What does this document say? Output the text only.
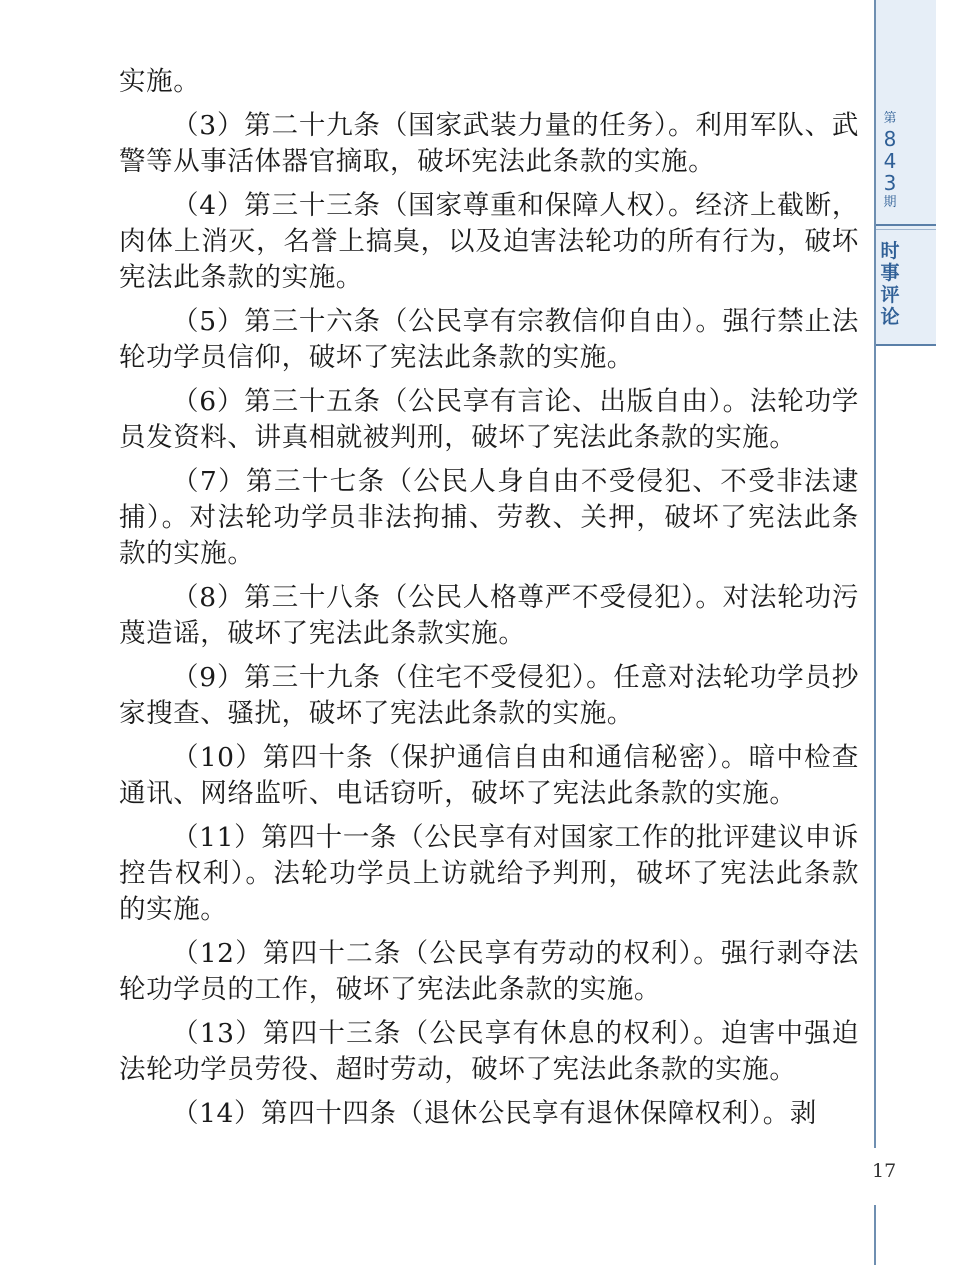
实施。

（3）第二十九条（国家武装力量的任务）。利用军队、武警等从事活体器官摘取，破坏宪法此条款的实施。

（4）第三十三条（国家尊重和保障人权）。经济上截断，肉体上消灭，名誉上搞臭，以及迫害法轮功的所有行为，破坏宪法此条款的实施。

（5）第三十六条（公民享有宗教信仰自由）。强行禁止法轮功学员信仰，破坏了宪法此条款的实施。

（6）第三十五条（公民享有言论、出版自由）。法轮功学员发资料、讲真相就被判刑，破坏了宪法此条款的实施。

（7）第三十七条（公民人身自由不受侵犯、不受非法逮捕）。对法轮功学员非法拘捕、劳教、关押，破坏了宪法此条款的实施。

（8）第三十八条（公民人格尊严不受侵犯）。对法轮功污蔑造谣，破坏了宪法此条款实施。

（9）第三十九条（住宅不受侵犯）。任意对法轮功学员抄家搜查、骚扰，破坏了宪法此条款的实施。

（10）第四十条（保护通信自由和通信秘密）。暗中检查通讯、网络监听、电话窃听，破坏了宪法此条款的实施。

（11）第四十一条（公民享有对国家工作的批评建议申诉控告权利）。法轮功学员上访就给予判刑，破坏了宪法此条款的实施。

（12）第四十二条（公民享有劳动的权利）。强行剥夺法轮功学员的工作，破坏了宪法此条款的实施。

（13）第四十三条（公民享有休息的权利）。迫害中强迫法轮功学员劳役、超时劳动，破坏了宪法此条款的实施。

（14）第四十四条（退休公民享有退休保障权利）。剥

第
8
4
3
期
时
事
评
论
17
